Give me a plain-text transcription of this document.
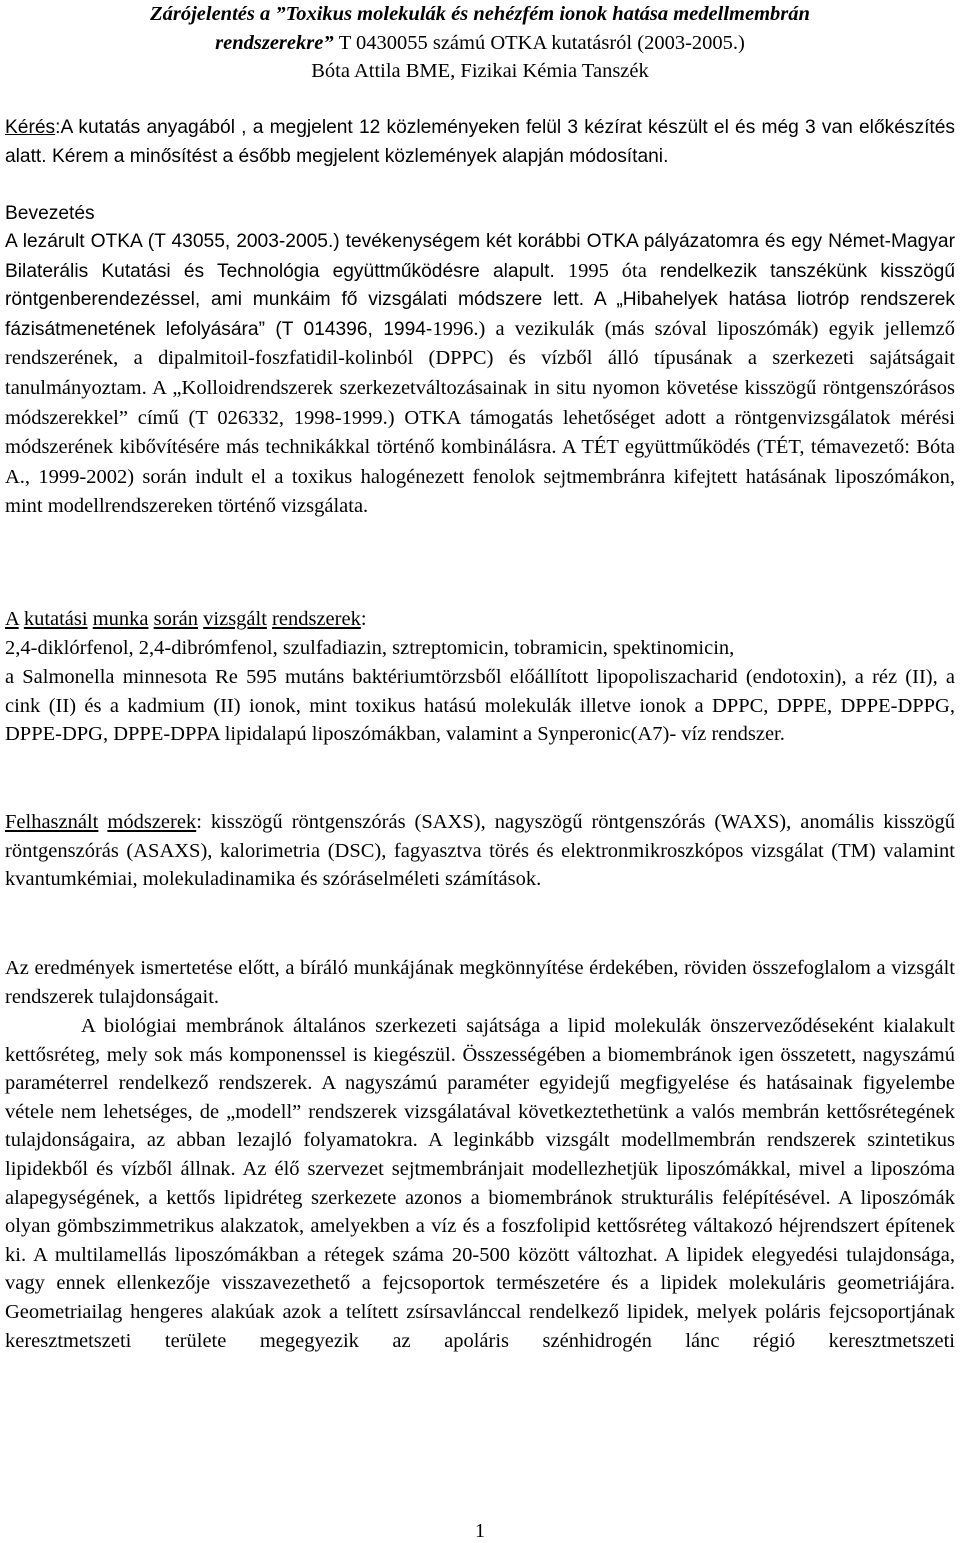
Zárójelentés a ”Toxikus molekulák és nehézfém ionok hatása medellmembrán
rendszerekre” T 0430055 számú OTKA kutatásról (2003-2005.)
Bóta Attila BME, Fizikai Kémia Tanszék

Kérés:A kutatás anyagából , a megjelent 12 közleményeken felül 3 kézírat készült el és még 3 van előkészítés alatt. Kérem a minősítést a ésőbb megjelent közlemények alapján módosítani.

Bevezetés

A lezárult OTKA (T 43055, 2003-2005.) tevékenységem két korábbi OTKA pályázatomra és egy Német-Magyar Bilaterális Kutatási és Technológia együttműködésre alapult. 1995 óta rendelkezik tanszékünk kisszögű röntgenberendezéssel, ami munkáim fő vizsgálati módszere lett. A „Hibahelyek hatása liotróp rendszerek fázisátmenetének lefolyására” (T 014396, 1994-1996.) a vezikulák (más szóval liposzómák) egyik jellemző rendszerének, a dipalmitoil-foszfatidil-kolinból (DPPC) és vízből álló típusának a szerkezeti sajátságait tanulmányoztam. A „Kolloidrendszerek szerkezetváltozásainak in situ nyomon követése kisszögű röntgenszórásos módszerekkel” című (T 026332, 1998-1999.) OTKA támogatás lehetőséget adott a röntgenvizsgálatok mérési módszerének kibővítésére más technikákkal történő kombinálásra. A TÉT együttműködés (TÉT, témavezető: Bóta A., 1999-2002) során indult el a toxikus halogénezett fenolok sejtmembránra kifejtett hatásának liposzómákon, mint modellrendszereken történő vizsgálata.

A kutatási munka során vizsgált rendszerek:
2,4-diklórfenol, 2,4-dibrómfenol, szulfadiazin, sztreptomicin, tobramicin, spektinomicin,

a Salmonella minnesota Re 595 mutáns baktériumtörzsből előállított lipopoliszacharid (endotoxin), a réz (II), a cink (II) és a kadmium (II) ionok, mint toxikus hatású molekulák illetve ionok a DPPC, DPPE, DPPE-DPPG, DPPE-DPG, DPPE-DPPA lipidalapú liposzómákban, valamint a Synperonic(A7)- víz rendszer.

Felhasznált módszerek: kisszögű röntgenszórás (SAXS), nagyszögű röntgenszórás (WAXS), anomális kisszögű röntgenszórás (ASAXS), kalorimetria (DSC), fagyasztva törés és elektronmikroszkópos vizsgálat (TM) valamint kvantumkémiai, molekuladinamika és szóráselméleti számítások.

Az eredmények ismertetése előtt, a bíráló munkájának megkönnyítése érdekében, röviden összefoglalom a vizsgált rendszerek tulajdonságait.

A biológiai membránok általános szerkezeti sajátsága a lipid molekulák önszerveződéseként kialakult kettősréteg, mely sok más komponenssel is kiegészül. Összességében a biomembránok igen összetett, nagyszámú paraméterrel rendelkező rendszerek. A nagyszámú paraméter egyidejű megfigyelése és hatásainak figyelembe vétele nem lehetséges, de „modell” rendszerek vizsgálatával következtethetünk a valós membrán kettősrétegének tulajdonságaira, az abban lezajló folyamatokra. A leginkább vizsgált modellmembrán rendszerek szintetikus lipidekből és vízből állnak. Az élő szervezet sejtmembránjait modellezhetjük liposzómákkal, mivel a liposzóma alapegységének, a kettős lipidréteg szerkezete azonos a biomembránok strukturális felépítésével. A liposzómák olyan gömbszimmetrikus alakzatok, amelyekben a víz és a foszfolipid kettősréteg váltakozó héjrendszert építenek ki. A multilamellás liposzómákban a rétegek száma 20-500 között változhat. A lipidek elegyedési tulajdonsága, vagy ennek ellenkezője visszavezethető a fejcsoportok természetére és a lipidek molekuláris geometriájára. Geometriailag hengeres alakúak azok a telített zsírsavlánccal rendelkező lipidek, melyek poláris fejcsoportjának keresztmetszeti területe megegyezik az apoláris szénhidrogén lánc régió keresztmetszeti

1
